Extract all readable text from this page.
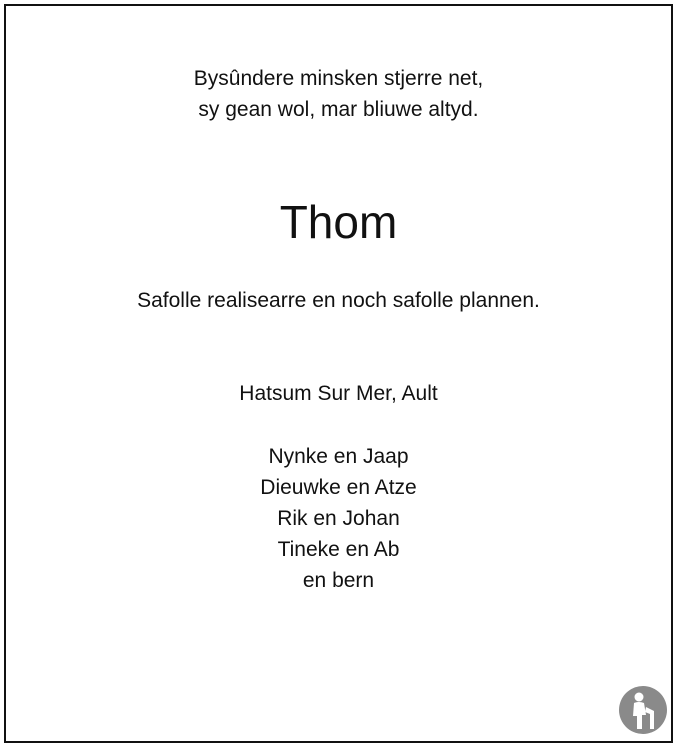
Bysûndere minsken stjerre net,
sy gean wol, mar bliuwe altyd.
Thom
Safolle realisearre en noch safolle plannen.
Hatsum Sur Mer, Ault
Nynke en Jaap
Dieuwke en Atze
Rik en Johan
Tineke en Ab
en bern
